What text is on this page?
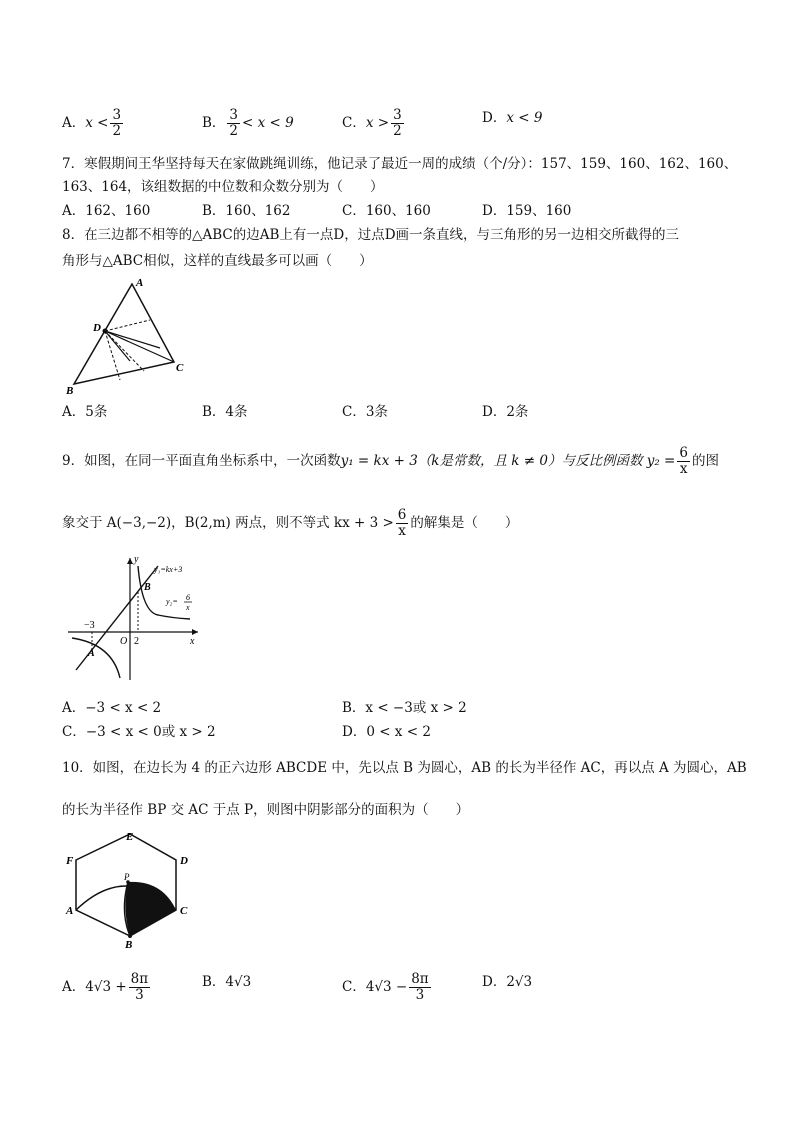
A．$x < \frac{3}{2}$	B． $\frac{3}{2} < x < 9$	C．$x > \frac{3}{2}$	D．x < 9
7．寒假期间王华坚持每天在家做跳绳训练，他记录了最近一周的成绩（个/分）：157、159、160、162、160、
163、164，该组数据的中位数和众数分别为（　　）
A．162、160	B．160、162	C．160、160	D．159、160
8．在三边都不相等的△ABC的边AB上有一点D，过点D画一条直线，与三角形的另一边相交所截得的三
角形与△ABC相似，这样的直线最多可以画（　　）
A
B
C
D
A．5条	B．4条	C．3条	D．2条
9．如图，在同一平面直角坐标系中，一次函数y₁ = kx + 3（k是常数，且 k ≠ 0）与反比例函数 $y_2 = \frac{6}{x}$ 的图
象交于 A(−3,−2)，B(2,m) 两点，则不等式 kx + $3 > \frac{6}{x}$ 的解集是（　　）
y
x
O
−3
2
A
B
y₁=kx+3
y₂= 6
x
A．−3 < x < 2	B．x < −3或 x > 2
C．−3 < x < 0或 x > 2	D．0 < x < 2
10．如图，在边长为 4 的正六边形 ABCDE 中，先以点 B 为圆心，AB 的长为半径作 AC，再以点 A 为圆心，AB
的长为半径作 BP 交 AC 于点 P，则图中阴影部分的面积为（　　）
E
F	D
C
A
B
P
A．$4√3 + \frac{8\pi}{3}$	B．4√3	C．$4√3 - \frac{8\pi}{3}$	D．2√3
